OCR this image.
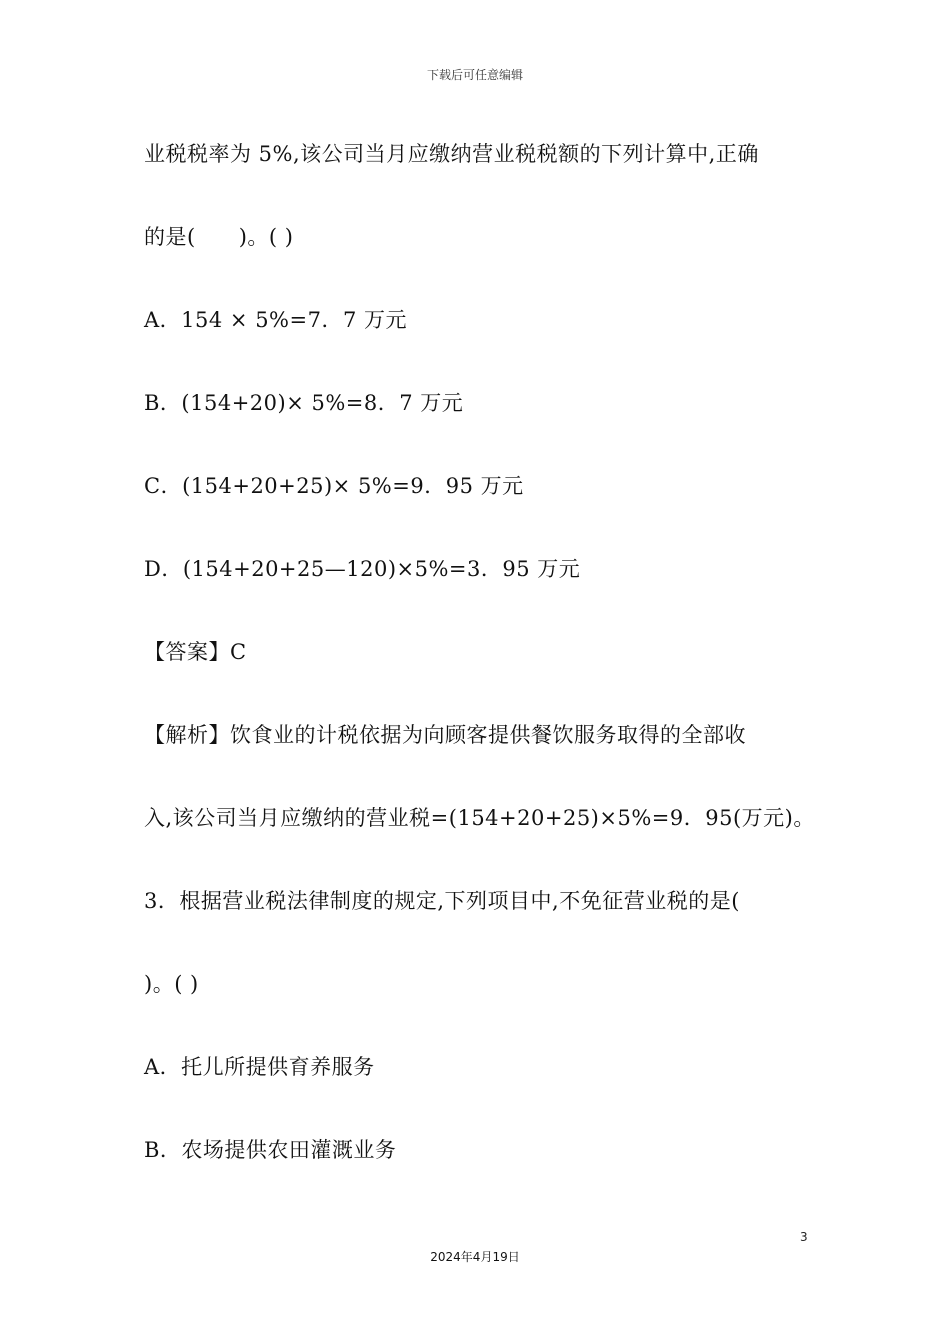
下载后可任意编辑
业税税率为 5%,该公司当月应缴纳营业税税额的下列计算中,正确
的是(　　)。( )
A．154 × 5%=7．7 万元
B．(154+20)× 5%=8．7 万元
C．(154+20+25)× 5%=9．95 万元
D．(154+20+25—120)×5%=3．95 万元
【答案】C
【解析】饮食业的计税依据为向顾客提供餐饮服务取得的全部收
入,该公司当月应缴纳的营业税=(154+20+25)×5%=9．95(万元)。
3．根据营业税法律制度的规定,下列项目中,不免征营业税的是(
)。( )
A．托儿所提供育养服务
B．农场提供农田灌溉业务
3
2024年4月19日
